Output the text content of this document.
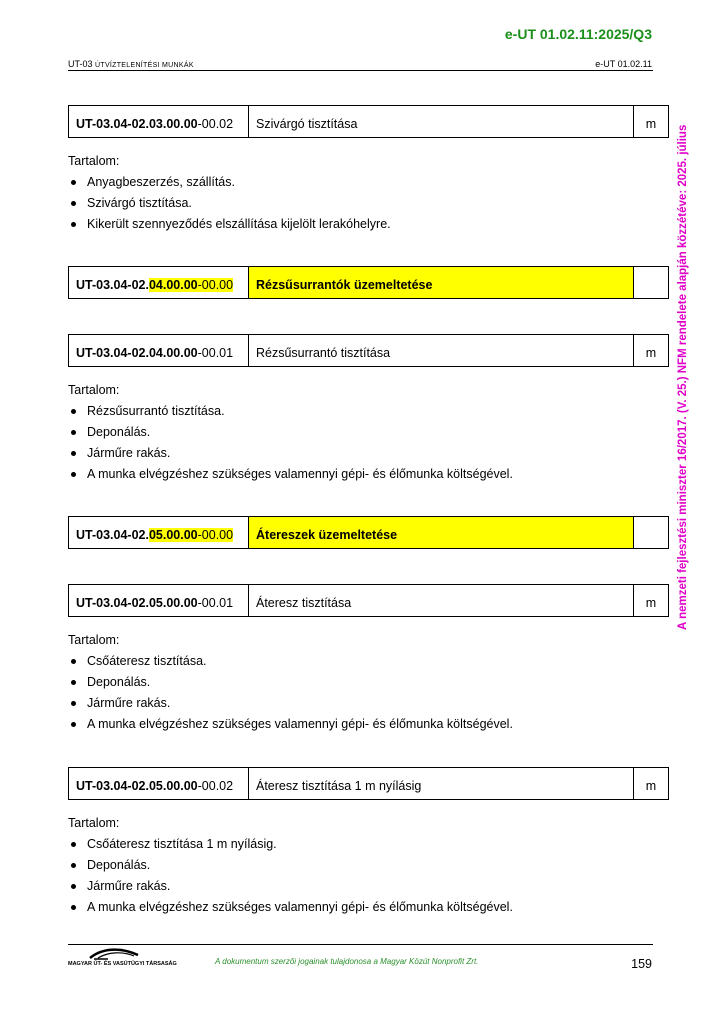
e-UT 01.02.11:2025/Q3
UT-03 ÚTVÍZTELENÍTÉSI MUNKÁK	e-UT 01.02.11
A nemzeti fejlesztési miniszter 16/2017. (V. 25.) NFM rendelete alapján közzétéve: 2025. július
UT-03.04-02.03.00.00 -00.02	Szivárgó tisztítása	m
Tartalom:
Anyagbeszerzés, szállítás.
Szivárgó tisztítása.
Kikerült szennyeződés elszállítása kijelölt lerakóhelyre.
UT-03.04-02. 04.00.00 -00.00	Rézsűsurrantók üzemeltetése
UT-03.04-02.04.00.00 -00.01	Rézsűsurrantó tisztítása	m
Tartalom:
Rézsűsurrantó tisztítása.
Deponálás.
Járműre rakás.
A munka elvégzéshez szükséges valamennyi gépi- és élőmunka költségével.
UT-03.04-02. 05.00.00 -00.00	Átereszek üzemeltetése
UT-03.04-02.05.00.00 -00.01	Áteresz tisztítása	m
Tartalom:
Csőáteresz tisztítása.
Deponálás.
Járműre rakás.
A munka elvégzéshez szükséges valamennyi gépi- és élőmunka költségével.
UT-03.04-02.05.00.00 -00.02	Áteresz tisztítása 1 m nyílásig	m
Tartalom:
Csőáteresz tisztítása 1 m nyílásig.
Deponálás.
Járműre rakás.
A munka elvégzéshez szükséges valamennyi gépi- és élőmunka költségével.
MAGYAR ÚT- ÉS VASÚTÜGYI TÁRSASÁG	A dokumentum szerzői jogainak tulajdonosa a Magyar Közút Nonprofit Zrt.	159
